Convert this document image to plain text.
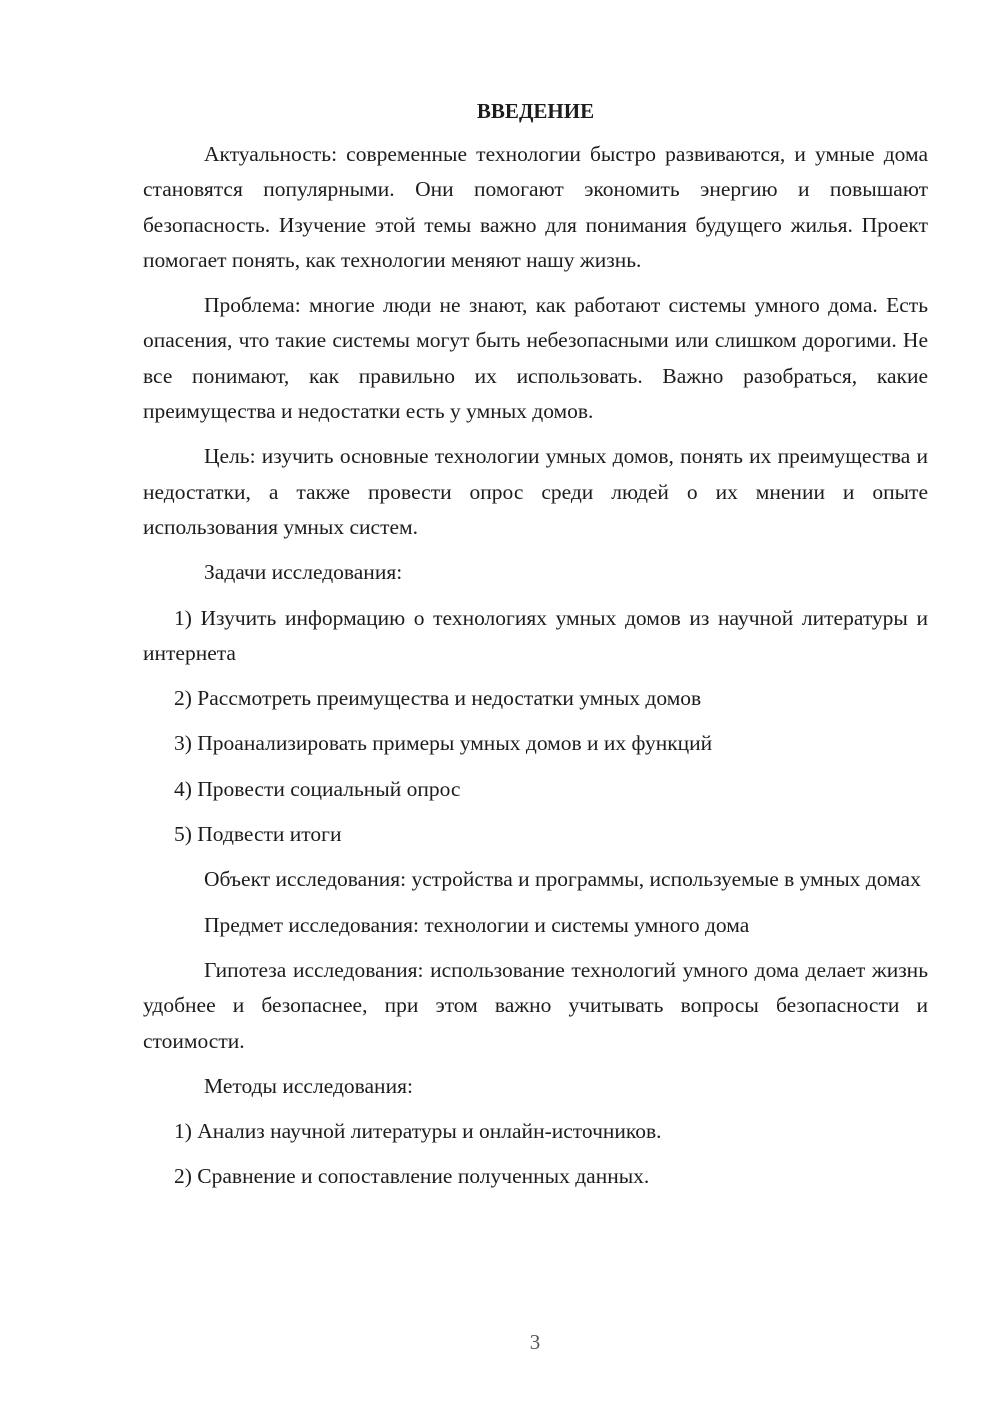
ВВЕДЕНИЕ

Актуальность: современные технологии быстро развиваются, и умные дома становятся популярными. Они помогают экономить энергию и повышают безопасность. Изучение этой темы важно для понимания будущего жилья. Проект помогает понять, как технологии меняют нашу жизнь.

Проблема: многие люди не знают, как работают системы умного дома. Есть опасения, что такие системы могут быть небезопасными или слишком дорогими. Не все понимают, как правильно их использовать. Важно разобраться, какие преимущества и недостатки есть у умных домов.

Цель: изучить основные технологии умных домов, понять их преимущества и недостатки, а также провести опрос среди людей о их мнении и опыте использования умных систем.

Задачи исследования:

1) Изучить информацию о технологиях умных домов из научной литературы и интернета

2) Рассмотреть преимущества и недостатки умных домов

3) Проанализировать примеры умных домов и их функций

4) Провести социальный опрос

5) Подвести итоги

Объект исследования: устройства и программы, используемые в умных домах

Предмет исследования: технологии и системы умного дома

Гипотеза исследования: использование технологий умного дома делает жизнь удобнее и безопаснее, при этом важно учитывать вопросы безопасности и стоимости.

Методы исследования:

1) Анализ научной литературы и онлайн-источников.

2) Сравнение и сопоставление полученных данных.

3
